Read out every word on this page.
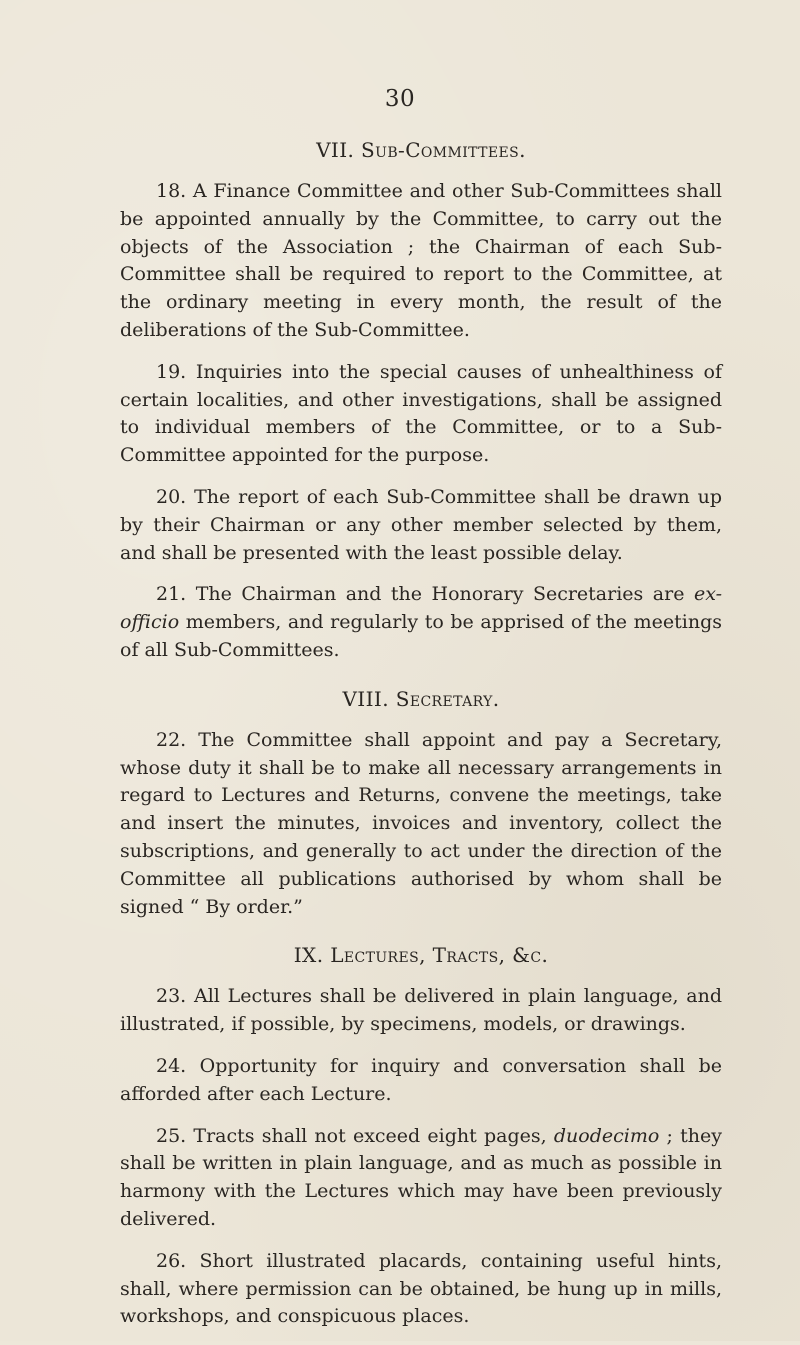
30
VII. Sub-Committees.

18. A Finance Committee and other Sub-Committees shall be appointed annually by the Committee, to carry out the objects of the Association ; the Chairman of each Sub-Committee shall be required to report to the Committee, at the ordinary meeting in every month, the result of the deliberations of the Sub-Committee.

19. Inquiries into the special causes of unhealthiness of certain localities, and other investigations, shall be assigned to individual members of the Committee, or to a Sub-Committee appointed for the purpose.

20. The report of each Sub-Committee shall be drawn up by their Chairman or any other member selected by them, and shall be presented with the least possible delay.

21. The Chairman and the Honorary Secretaries are ex-officio members, and regularly to be apprised of the meetings of all Sub-Committees.

VIII. Secretary.

22. The Committee shall appoint and pay a Secretary, whose duty it shall be to make all necessary arrangements in regard to Lectures and Returns, convene the meetings, take and insert the minutes, invoices and inventory, collect the subscriptions, and generally to act under the direction of the Committee all publications authorised by whom shall be signed “ By order.”

IX. Lectures, Tracts, &c.

23. All Lectures shall be delivered in plain language, and illustrated, if possible, by specimens, models, or drawings.

24. Opportunity for inquiry and conversation shall be afforded after each Lecture.

25. Tracts shall not exceed eight pages, duodecimo ; they shall be written in plain language, and as much as possible in harmony with the Lectures which may have been previously delivered.

26. Short illustrated placards, containing useful hints, shall, where permission can be obtained, be hung up in mills, workshops, and conspicuous places.
